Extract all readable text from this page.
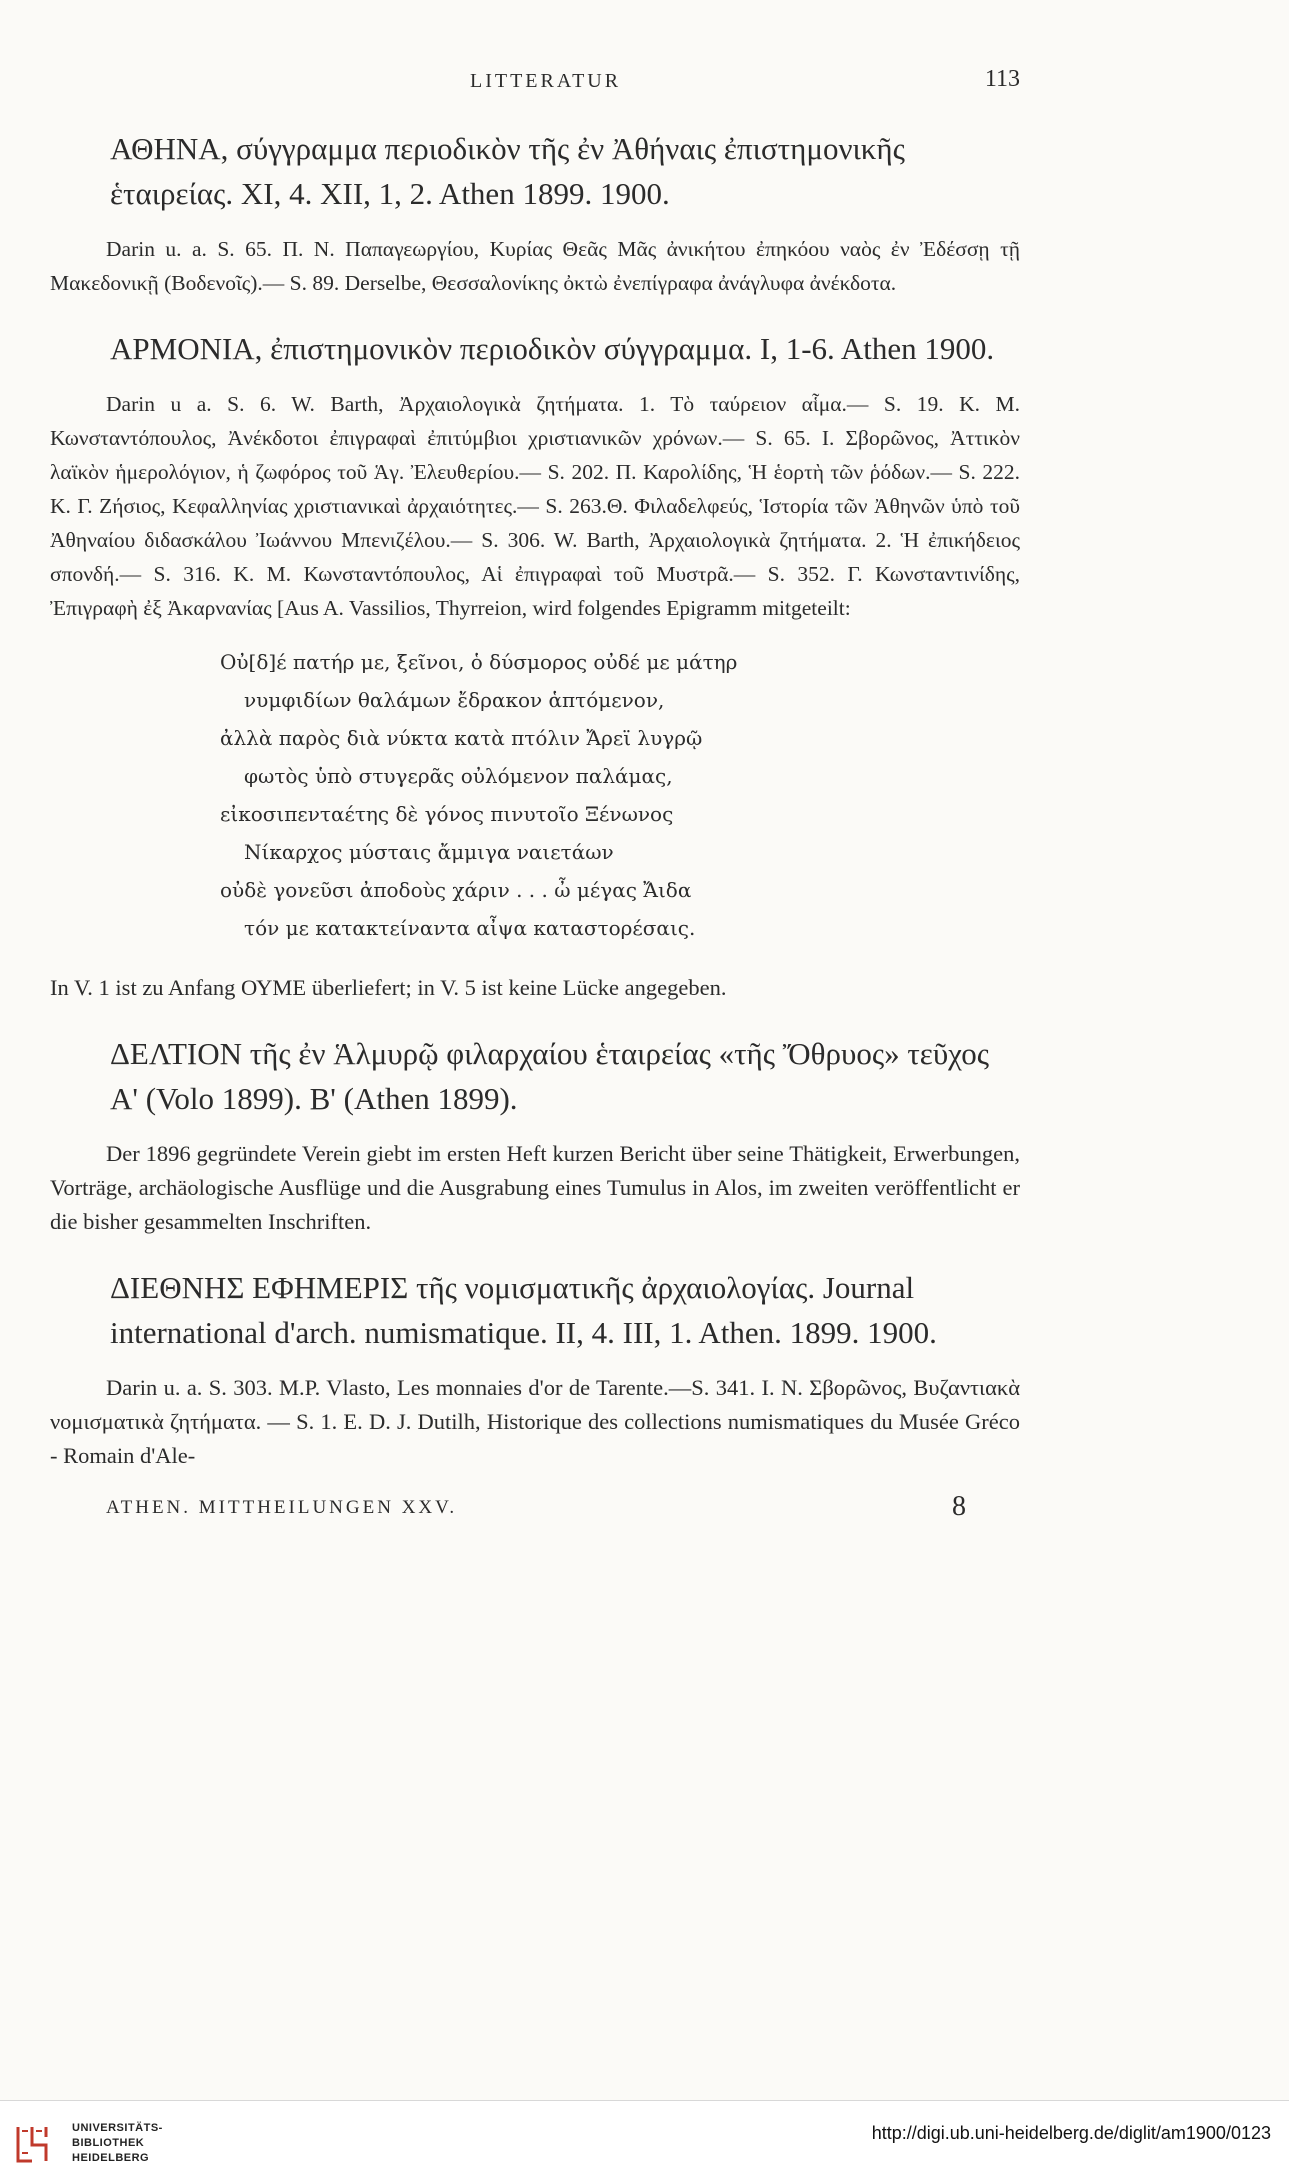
LITTERATUR	113
ΑΘΗΝΑ, σύγγραμμα περιοδικὸν τῆς ἐν Ἀθήναις ἐπιστημονικῆς ἑταιρείας. XI, 4. XII, 1, 2. Athen 1899. 1900.

Darin u. a. S. 65. Π. Ν. Παπαγεωργίου, Κυρίας Θεᾶς Μᾶς ἀνικήτου ἐπηκόου ναὸς ἐν Ἐδέσσῃ τῇ Μακεδονικῇ (Βοδενοῖς).— S. 89. Derselbe, Θεσσαλονίκης ὀκτὼ ἐνεπίγραφα ἀνάγλυφα ἀνέκδοτα.

ΑΡΜΟΝΙΑ, ἐπιστημονικὸν περιοδικὸν σύγγραμμα. I, 1-6. Athen 1900.

Darin u a. S. 6. W. Barth, Ἀρχαιολογικὰ ζητήματα. 1. Τὸ ταύρειον αἷμα.— S. 19. Κ. Μ. Κωνσταντόπουλος, Ἀνέκδοτοι ἐπιγραφαὶ ἐπιτύμβιοι χριστιανικῶν χρόνων.— S. 65. I. Σβορῶνος, Ἀττικὸν λαϊκὸν ἡμερολόγιον, ἡ ζωφόρος τοῦ Ἁγ. Ἐλευθερίου.— S. 202. Π. Καρολίδης, Ἡ ἑορτὴ τῶν ῥόδων.— S. 222. Κ. Γ. Ζήσιος, Κεφαλληνίας χριστιανικαὶ ἀρχαιότητες.— S. 263.Θ. Φιλαδελφεύς, Ἱστορία τῶν Ἀθηνῶν ὑπὸ τοῦ Ἀθηναίου διδασκάλου Ἰωάννου Μπενιζέλου.— S. 306. W. Barth, Ἀρχαιολογικὰ ζητήματα. 2. Ἡ ἐπικήδειος σπονδή.— S. 316. Κ. Μ. Κωνσταντόπουλος, Αἱ ἐπιγραφαὶ τοῦ Μυστρᾶ.— S. 352. Γ. Κωνσταντινίδης, Ἐπιγραφὴ ἐξ Ἀκαρνανίας [Aus A. Vassilios, Thyrreion, wird folgendes Epigramm mitgeteilt:

Οὐ[δ]έ πατήρ με, ξεῖνοι, ὁ δύσμορος οὐδέ με μάτηρ
νυμφιδίων θαλάμων ἔδρακον ἁπτόμενον,
ἀλλὰ παρὸς διὰ νύκτα κατὰ πτόλιν Ἄρεϊ λυγρῷ
φωτὸς ὑπὸ στυγερᾶς οὐλόμενον παλάμας,
εἰκοσιπενταέτης δὲ γόνος πινυτοῖο Ξένωνος
Νίκαρχος μύσταις ἄμμιγα ναιετάων
οὐδὲ γονεῦσι ἀποδοὺς χάριν . . . ὦ μέγας Ἄιδα
τόν με κατακτείναντα αἶψα καταστορέσαις.

In V. 1 ist zu Anfang ΟΥΜΕ überliefert; in V. 5 ist keine Lücke angegeben.

ΔΕΛΤΙΟΝ τῆς ἐν Ἁλμυρῷ φιλαρχαίου ἑταιρείας «τῆς Ὄθρυος» τεῦχος Α' (Volo 1899). Β' (Athen 1899).

Der 1896 gegründete Verein giebt im ersten Heft kurzen Bericht über seine Thätigkeit, Erwerbungen, Vorträge, archäologische Ausflüge und die Ausgrabung eines Tumulus in Alos, im zweiten veröffentlicht er die bisher gesammelten Inschriften.

ΔΙΕΘΝΗΣ ΕΦΗΜΕΡΙΣ τῆς νομισματικῆς ἀρχαιολογίας. Journal international d'arch. numismatique. II, 4. III, 1. Athen. 1899. 1900.

Darin u. a. S. 303. M.P. Vlasto, Les monnaies d'or de Tarente.—S. 341. I. N. Σβορῶνος, Βυζαντιακὰ νομισματικὰ ζητήματα. — S. 1. E. D. J. Dutilh, Historique des collections numismatiques du Musée Gréco - Romain d'Ale-

ATHEN. MITTHEILUNGEN XXV.	8
UNIVERSITÄTS-
BIBLIOTHEK
HEIDELBERG
http://digi.ub.uni-heidelberg.de/diglit/am1900/0123
